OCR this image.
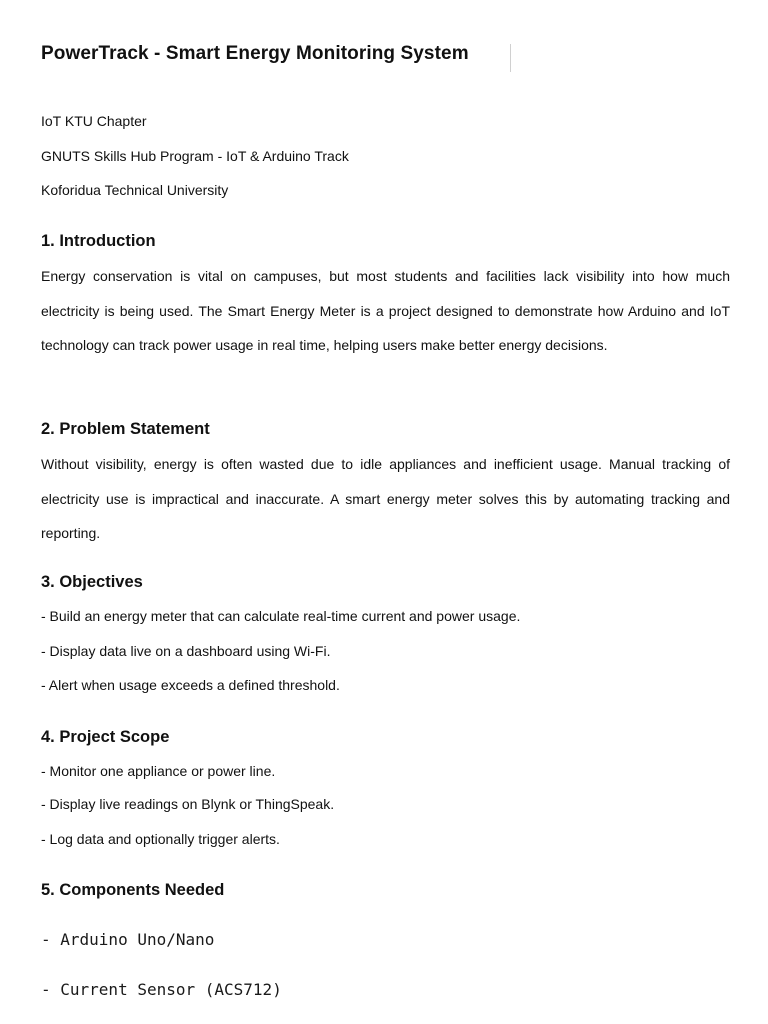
PowerTrack - Smart Energy Monitoring System
IoT KTU Chapter
GNUTS Skills Hub Program - IoT & Arduino Track
Koforidua Technical University
1. Introduction
Energy conservation is vital on campuses, but most students and facilities lack visibility into how much electricity is being used. The Smart Energy Meter is a project designed to demonstrate how Arduino and IoT technology can track power usage in real time, helping users make better energy decisions.
2. Problem Statement
Without visibility, energy is often wasted due to idle appliances and inefficient usage. Manual tracking of electricity use is impractical and inaccurate. A smart energy meter solves this by automating tracking and reporting.
3. Objectives
- Build an energy meter that can calculate real-time current and power usage.
- Display data live on a dashboard using Wi-Fi.
- Alert when usage exceeds a defined threshold.
4. Project Scope
- Monitor one appliance or power line.
- Display live readings on Blynk or ThingSpeak.
- Log data and optionally trigger alerts.
5. Components Needed
- Arduino Uno/Nano
- Current Sensor (ACS712)
